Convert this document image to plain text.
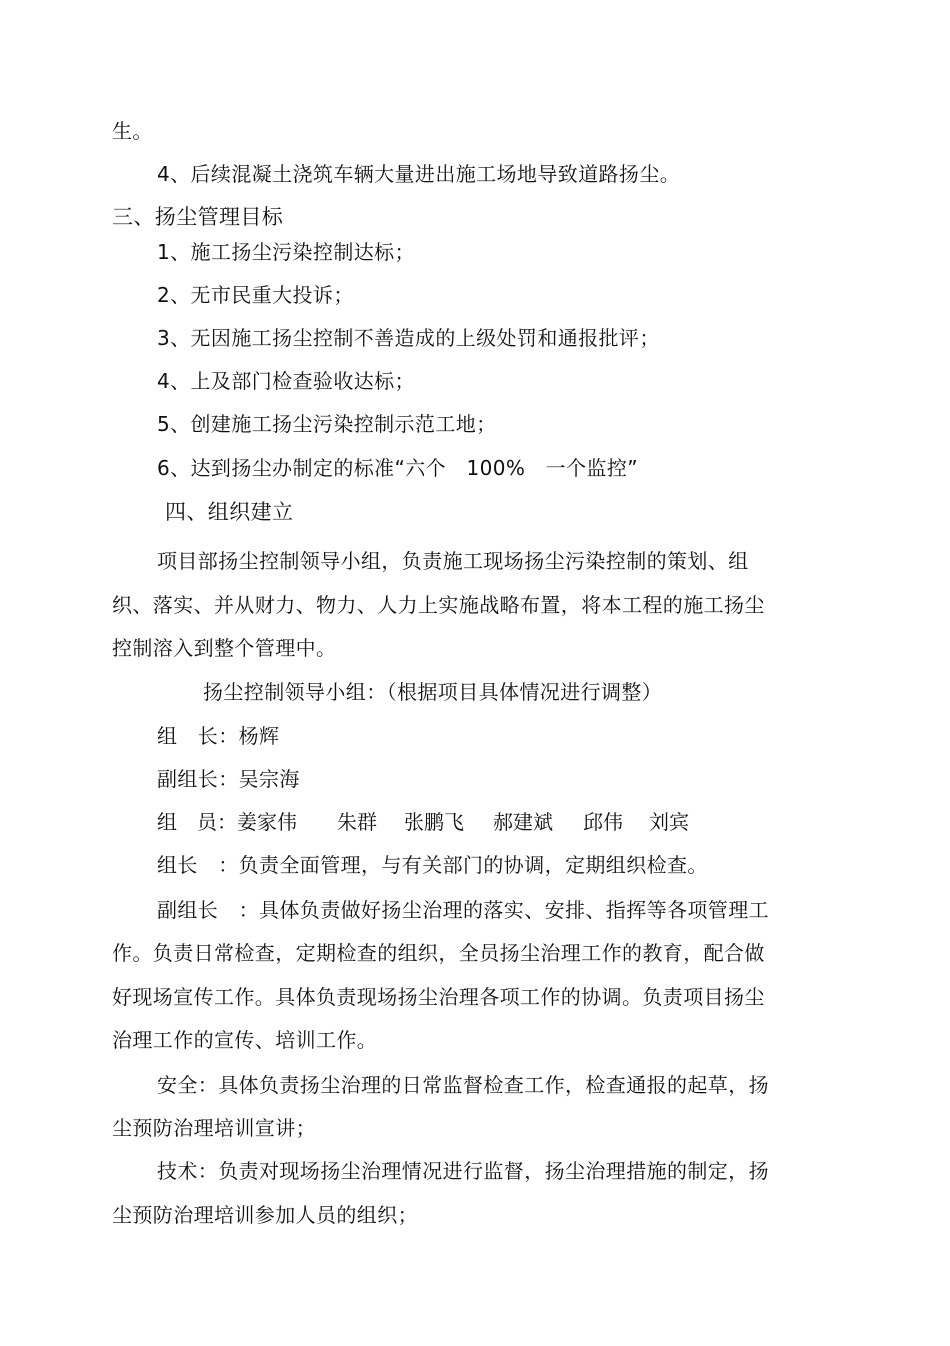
生。
4、后续混凝土浇筑车辆大量进出施工场地导致道路扬尘。
三、扬尘管理目标
1、施工扬尘污染控制达标；
2、无市民重大投诉；
3、无因施工扬尘控制不善造成的上级处罚和通报批评；
4、上及部门检查验收达标；
5、创建施工扬尘污染控制示范工地；
6、达到扬尘办制定的标准“六个　100%　一个监控”
四、组织建立
项目部扬尘控制领导小组，负责施工现场扬尘污染控制的策划、组
织、落实、并从财力、物力、人力上实施战略布置，将本工程的施工扬尘
控制溶入到整个管理中。
扬尘控制领导小组：（根据项目具体情况进行调整）
组　长：杨辉
副组长：吴宗海
组　员：姜家伟 朱群 张鹏飞 郝建斌 邱伟 刘宾
组长　：负责全面管理，与有关部门的协调，定期组织检查。
副组长　：具体负责做好扬尘治理的落实、安排、指挥等各项管理工
作。负责日常检查，定期检查的组织，全员扬尘治理工作的教育，配合做
好现场宣传工作。具体负责现场扬尘治理各项工作的协调。负责项目扬尘
治理工作的宣传、培训工作。
安全：具体负责扬尘治理的日常监督检查工作，检查通报的起草，扬
尘预防治理培训宣讲；
技术：负责对现场扬尘治理情况进行监督，扬尘治理措施的制定，扬
尘预防治理培训参加人员的组织；
